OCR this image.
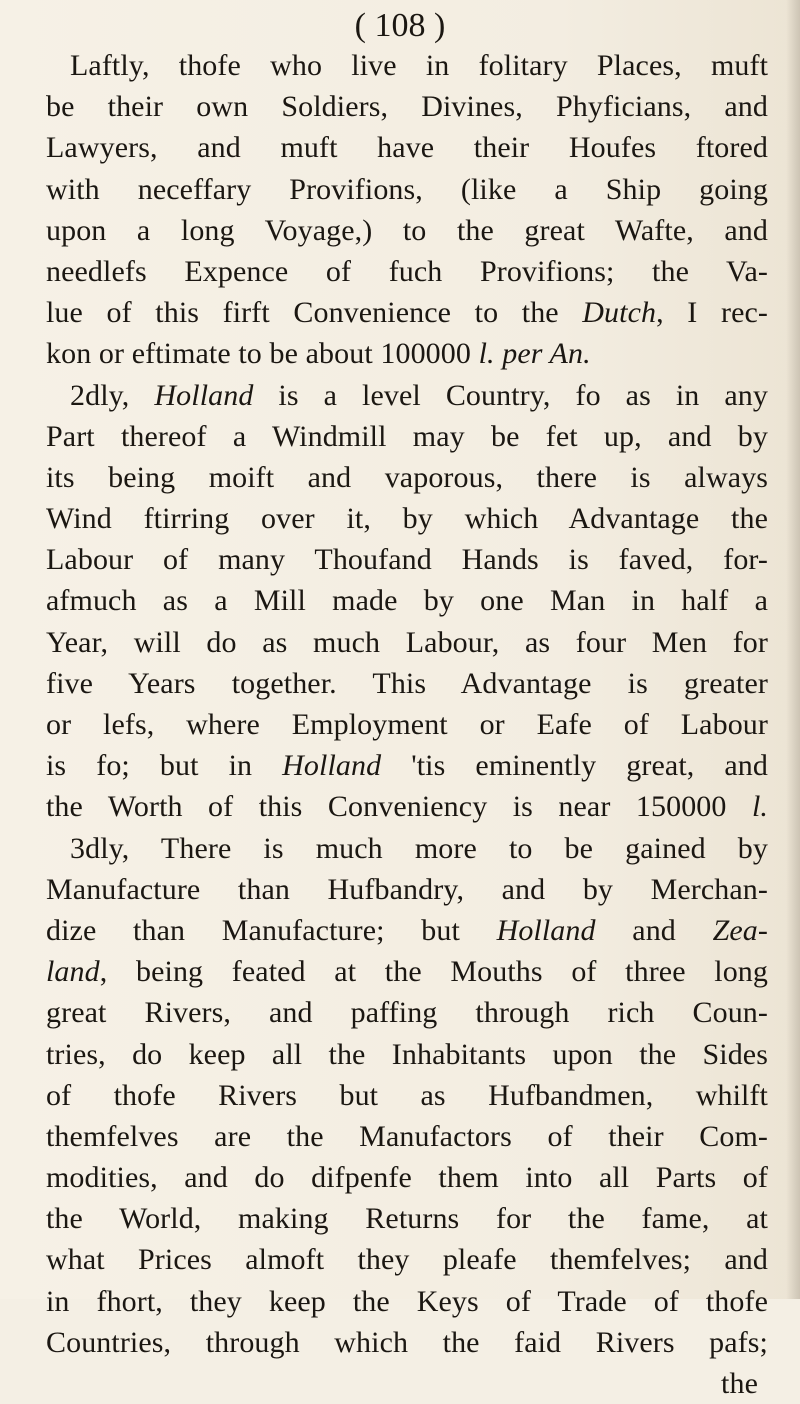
( 108 )
Laftly, thofe who live in folitary Places, muft
be their own Soldiers, Divines, Phyficians, and
Lawyers, and muft have their Houfes ftored
with neceffary Provifions, (like a Ship going
upon a long Voyage,) to the great Wafte, and
needlefs Expence of fuch Provifions; the Va-
lue of this firft Convenience to the Dutch, I rec-
kon or eftimate to be about 100000 l. per An.
2dly, Holland is a level Country, fo as in any
Part thereof a Windmill may be fet up, and by
its being moift and vaporous, there is always
Wind ftirring over it, by which Advantage the
Labour of many Thoufand Hands is faved, for-
afmuch as a Mill made by one Man in half a
Year, will do as much Labour, as four Men for
five Years together. This Advantage is greater
or lefs, where Employment or Eafe of Labour
is fo; but in Holland 'tis eminently great, and
the Worth of this Conveniency is near 150000 l.
3dly, There is much more to be gained by
Manufacture than Hufbandry, and by Merchan-
dize than Manufacture; but Holland and Zea-
land, being feated at the Mouths of three long
great Rivers, and paffing through rich Coun-
tries, do keep all the Inhabitants upon the Sides
of thofe Rivers but as Hufbandmen, whilft
themfelves are the Manufactors of their Com-
modities, and do difpenfe them into all Parts of
the World, making Returns for the fame, at
what Prices almoft they pleafe themfelves; and
in fhort, they keep the Keys of Trade of thofe
Countries, through which the faid Rivers pafs;
the
